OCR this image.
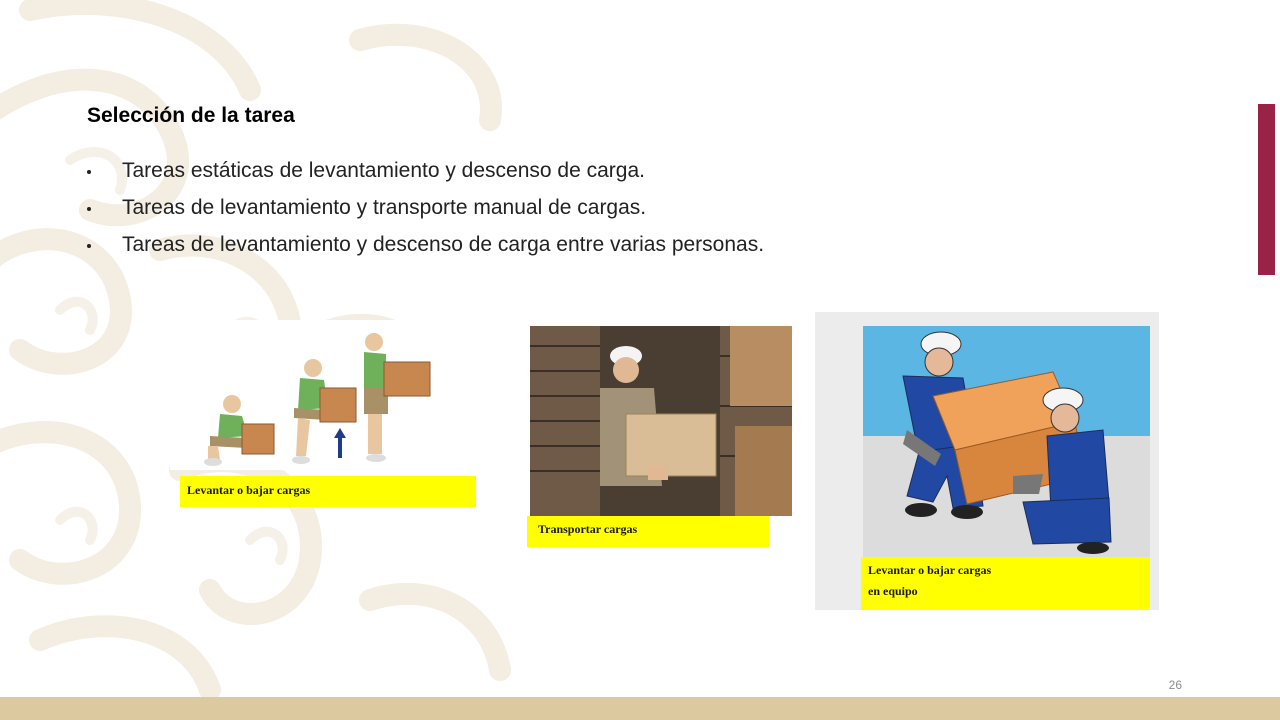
26
Selección de la tarea
Tareas estáticas de levantamiento y descenso de carga.
Tareas de levantamiento y transporte manual de cargas.
Tareas de levantamiento y descenso de carga entre varias personas.
Levantar o bajar cargas
Transportar cargas
Levantar o bajar cargas
en equipo
